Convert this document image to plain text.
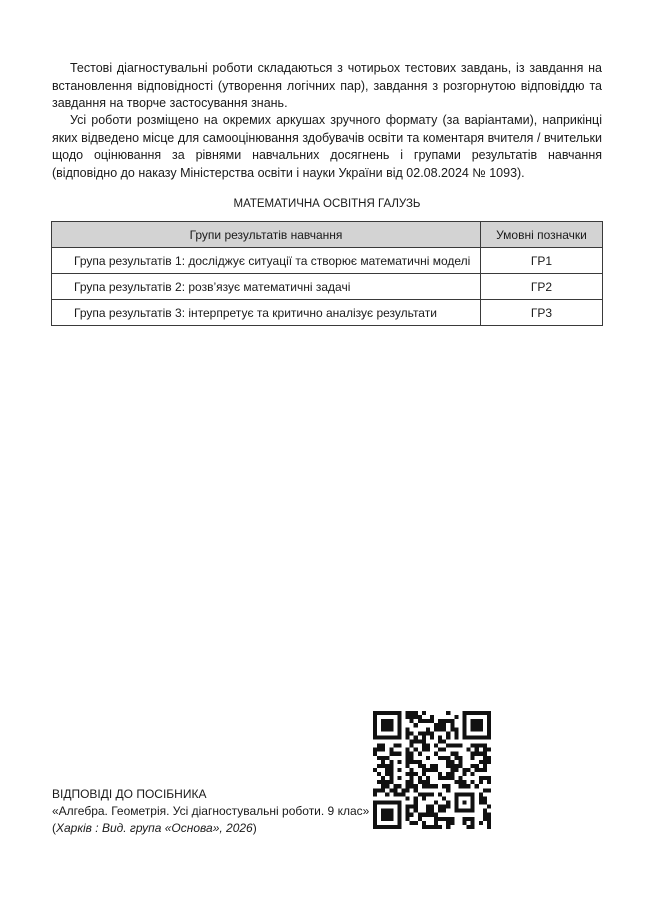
Тестові діагностувальні роботи складаються з чотирьох тестових завдань, із завдання на встановлення відповідності (утворення логічних пар), завдання з розгорнутою відповіддю та завдання на творче застосування знань.

Усі роботи розміщено на окремих аркушах зручного формату (за варіантами), наприкінці яких відведено місце для самооцінювання здобувачів освіти та коментаря вчителя / вчительки щодо оцінювання за рівнями навчальних досягнень і групами результатів навчання (відповідно до наказу Міністерства освіти і науки України від 02.08.2024 № 1093).

МАТЕМАТИЧНА ОСВІТНЯ ГАЛУЗЬ

Групи результатів навчання	Умовні позначки
Група результатів 1: досліджує ситуації та створює математичні моделі	ГР1
Група результатів 2: розв’язує математичні задачі	ГР2
Група результатів 3: інтерпретує та критично аналізує результати	ГР3
ВІДПОВІДІ ДО ПОСІБНИКА
«Алгебра. Геометрія. Усі діагностувальні роботи. 9 клас»
(Харків : Вид. група «Основа», 2026)
